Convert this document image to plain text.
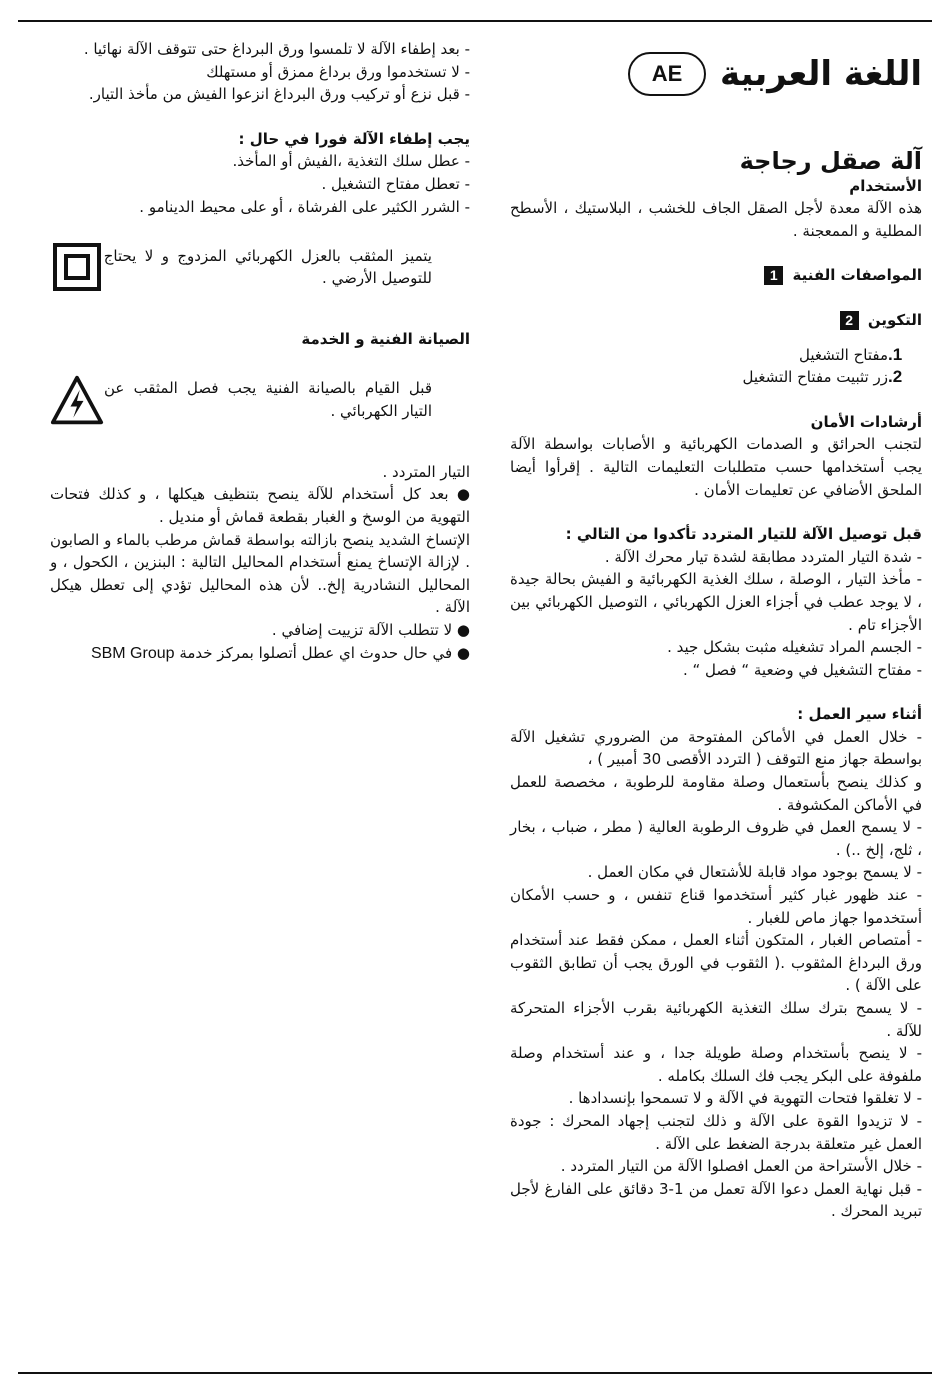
اللغة العربية
AE
آلة صقل رجاجة

الأستخدام

هذه الآلة معدة لأجل الصقل الجاف للخشب ، البلاستيك ، الأسطح المطلية و الممعجنة .

المواصفات الفنية 1

التكوين 2

1.
مفتاح التشغيل
2.
زر تثبيت مفتاح التشغيل

أرشادات الأمان

لتجنب الحرائق و الصدمات الكهربائية و الأصابات بواسطة الآلة يجب أستخدامها حسب متطلبات التعليمات التالية . إقرأوا أيضا الملحق الأضافي عن تعليمات الأمان .

قبل توصيل الآلة للتيار المتردد تأكدوا من التالي :

- شدة التيار المتردد مطابقة لشدة تيار محرك الآلة .

- مأخذ التيار ، الوصلة ، سلك الغذية الكهربائية و الفيش بحالة جيدة ، لا يوجد عطب في أجزاء العزل الكهربائي ، التوصيل الكهربائي بين الأجزاء تام .

- الجسم المراد تشغيله مثبت بشكل جيد .

- مفتاح التشغيل في وضعية “ فصل “ .

أثناء سير العمل :

- خلال العمل في الأماكن المفتوحة من الضروري تشغيل الآلة بواسطة جهاز منع التوقف ( التردد الأقصى 30 أمبير ) ،

و كذلك ينصح بأستعمال وصلة مقاومة للرطوبة ، مخصصة للعمل في الأماكن المكشوفة .

- لا يسمح العمل في ظروف الرطوبة العالية ( مطر ، ضباب ، بخار ، ثلج، إلخ ..) .

- لا يسمح بوجود مواد قابلة للأشتعال في مكان العمل .

- عند ظهور غبار كثير أستخدموا قناع تنفس ، و حسب الأمكان أستخدموا جهاز ماص للغبار .

- أمتصاص الغبار ، المتكون أثناء العمل ، ممكن فقط عند أستخدام ورق البرداغ المثقوب .( الثقوب في الورق يجب أن تطابق الثقوب على الآلة ) .

- لا يسمح بترك سلك التغذية الكهربائية بقرب الأجزاء المتحركة للآلة .

- لا ينصح بأستخدام وصلة طويلة جدا ، و عند أستخدام وصلة ملفوفة على البكر يجب فك السلك بكامله .

- لا تغلقوا فتحات التهوية في الآلة و لا تسمحوا بإنسدادها .

- لا تزيدوا القوة على الآلة و ذلك لتجنب إجهاد المحرك : جودة العمل غير متعلقة بدرجة الضغط على الآلة .

- خلال الأستراحة من العمل افصلوا الآلة من التيار المتردد .

- قبل نهاية العمل دعوا الآلة تعمل من 1-3 دقائق على الفارغ لأجل تبريد المحرك .

- بعد إطفاء الآلة لا تلمسوا ورق البرداغ حتى تتوقف الآلة نهائيا .

- لا تستخدموا ورق برداغ ممزق أو مستهلك

- قبل نزع أو تركيب ورق البرداغ انزعوا الفيش من مأخذ التيار.

يجب إطفاء الآلة فورا في حال :

- عطل سلك التغذية ،الفيش أو المأخذ.

- تعطل مفتاح التشغيل .

- الشرر الكثير على الفرشاة ، أو على محيط الدينامو .

يتميز المثقب بالعزل الكهربائي المزدوج و لا يحتاج للتوصيل الأرضي .

الصيانة الفنية و الخدمة

قبل القيام بالصيانة الفنية يجب فصل المثقب عن التيار الكهربائي .

التيار المتردد .

● بعد كل أستخدام للآلة ينصح بتنظيف هيكلها ، و كذلك فتحات التهوية من الوسخ و الغبار بقطعة قماش أو منديل .

الإتساخ الشديد ينصح بازالته بواسطة قماش مرطب بالماء و الصابون . لإزالة الإتساخ يمنع أستخدام المحاليل التالية : البنزين ، الكحول ، و المحاليل النشادرية إلخ.. لأن هذه المحاليل تؤدي إلى تعطل هيكل الآلة .

● لا تتطلب الآلة تزييت إضافي .

● في حال حدوث اي عطل أتصلوا بمركز خدمة SBM Group
